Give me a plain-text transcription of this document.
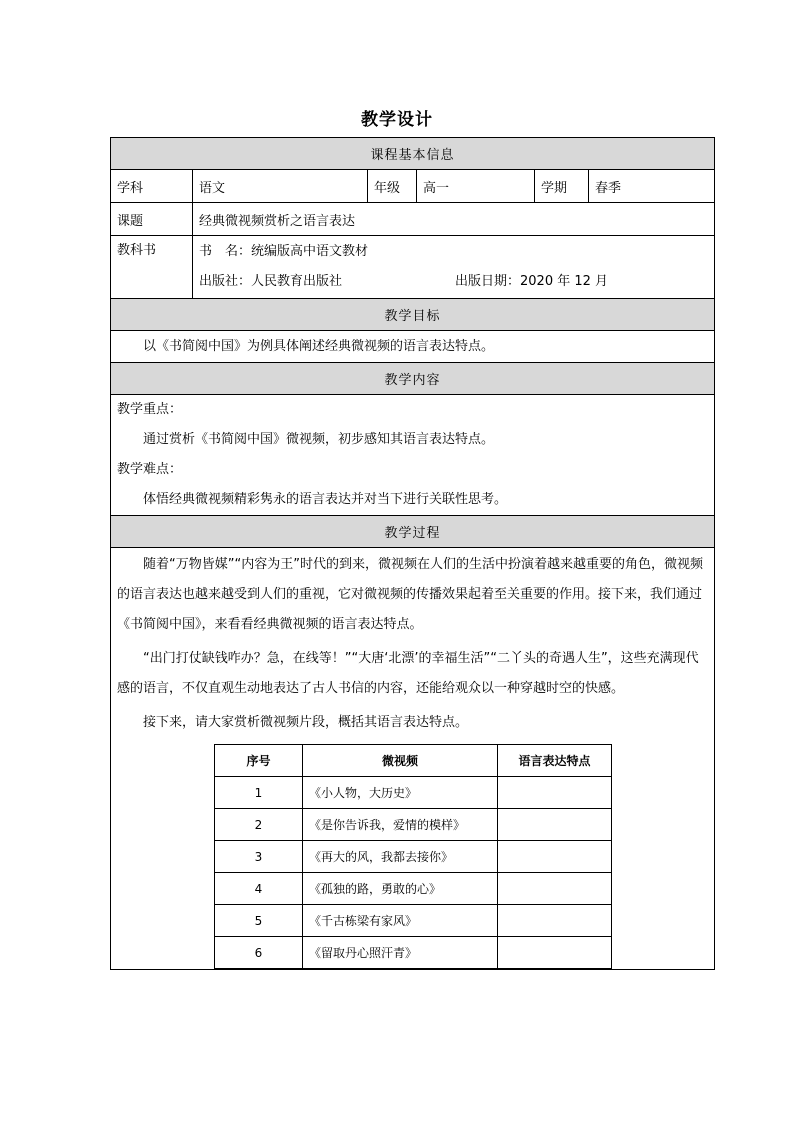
教学设计
课程基本信息
学科	语文	年级	高一	学期	春季
课题	经典微视频赏析之语言表达
教科书	书　名：统编版高中语文教材
出版社：人民教育出版社	出版日期：2020 年 12 月

教学目标

以《书简阅中国》为例具体阐述经典微视频的语言表达特点。

教学内容

教学重点：

通过赏析《书简阅中国》微视频，初步感知其语言表达特点。

教学难点：

体悟经典微视频精彩隽永的语言表达并对当下进行关联性思考。

教学过程

随着“万物皆媒”“内容为王”时代的到来，微视频在人们的生活中扮演着越来越重要的角色，微视频的语言表达也越来越受到人们的重视，它对微视频的传播效果起着至关重要的作用。接下来，我们通过《书简阅中国》，来看看经典微视频的语言表达特点。

“出门打仗缺钱咋办？急，在线等！”“大唐‘北漂’的幸福生活”“二丫头的奇遇人生”，这些充满现代感的语言，不仅直观生动地表达了古人书信的内容，还能给观众以一种穿越时空的快感。

接下来，请大家赏析微视频片段，概括其语言表达特点。

序号	微视频	语言表达特点
1	《小人物，大历史》	
2	《是你告诉我，爱情的模样》	
3	《再大的风，我都去接你》	
4	《孤独的路，勇敢的心》	
5	《千古栋梁有家风》	
6	《留取丹心照汗青》	
